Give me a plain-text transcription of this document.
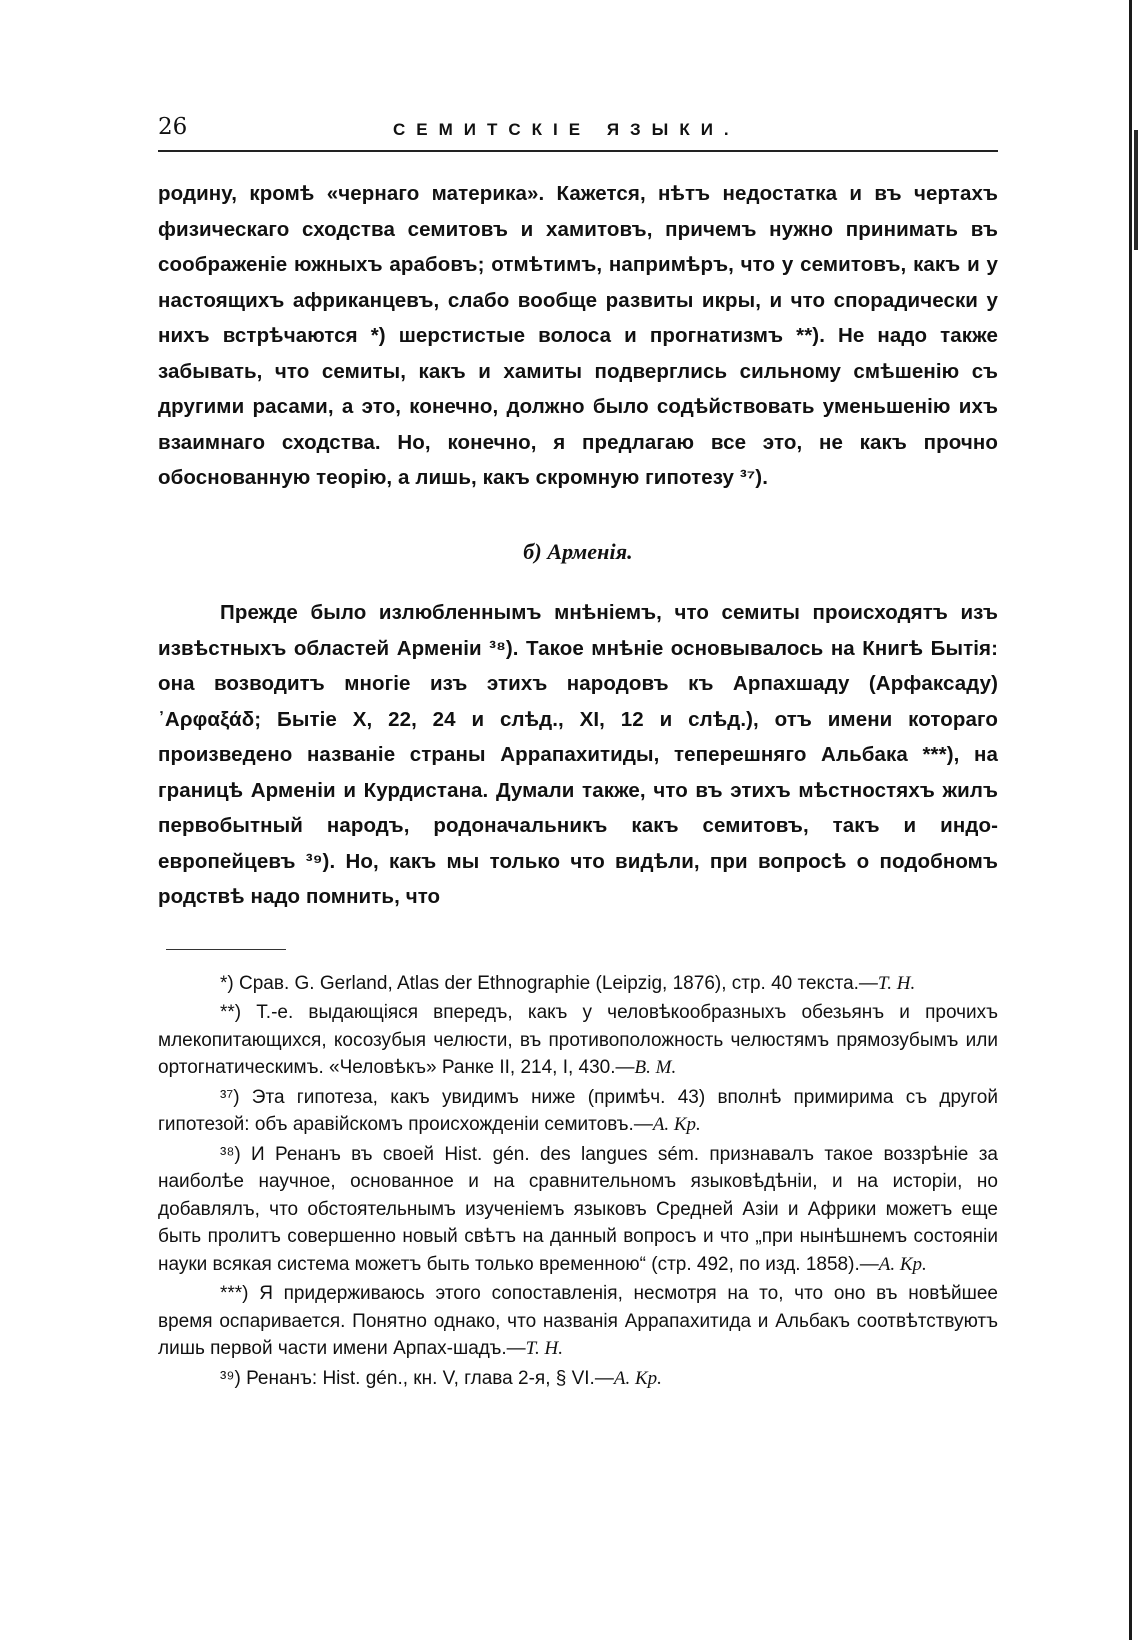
26	СЕМИТСКІЕ ЯЗЫКИ.

родину, кромѣ «чернаго материка». Кажется, нѣтъ недостатка и въ чертахъ физическаго сходства семитовъ и хамитовъ, причемъ нужно принимать въ соображеніе южныхъ арабовъ; отмѣтимъ, напримѣръ, что у семитовъ, какъ и у настоящихъ африканцевъ, слабо вообще развиты икры, и что спорадически у нихъ встрѣчаются *) шерстистые волоса и прогнатизмъ **). Не надо также забывать, что семиты, какъ и хамиты подверглись сильному смѣшенію съ другими расами, а это, конечно, должно было содѣйствовать уменьшенію ихъ взаимнаго сходства. Но, конечно, я предлагаю все это, не какъ прочно обоснованную теорію, а лишь, какъ скромную гипотезу ³⁷).

б) Арменія.

Прежде было излюбленнымъ мнѣніемъ, что семиты происходятъ изъ извѣстныхъ областей Арменіи ³⁸). Такое мнѣніе основывалось на Книгѣ Бытія: она возводитъ многіе изъ этихъ народовъ къ Арпахшаду (Арфаксаду) ᾿Αρφαξάδ; Бытіе X, 22, 24 и слѣд., XI, 12 и слѣд.), отъ имени котораго произведено названіе страны Аррапахитиды, теперешняго Альбака ***), на границѣ Арменіи и Курдистана. Думали также, что въ этихъ мѣстностяхъ жилъ первобытный народъ, родоначальникъ какъ семитовъ, такъ и индо-европейцевъ ³⁹). Но, какъ мы только что видѣли, при вопросѣ о подобномъ родствѣ надо помнить, что

*) Срав. G. Gerland, Atlas der Ethnographie (Leipzig, 1876), стр. 40 текста.—Т. Н.

**) Т.-е. выдающіяся впередъ, какъ у человѣкообразныхъ обезьянъ и прочихъ млекопитающихся, косозубыя челюсти, въ противоположность челюстямъ прямозубымъ или ортогнатическимъ. «Человѣкъ» Ранке II, 214, I, 430.—В. М.

³⁷) Эта гипотеза, какъ увидимъ ниже (примѣч. 43) вполнѣ примирима съ другой гипотезой: объ аравійскомъ происхожденіи семитовъ.—А. Кр.

³⁸) И Ренанъ въ своей Hist. gén. des langues sém. признавалъ такое воззрѣніе за наиболѣе научное, основанное и на сравнительномъ языковѣдѣніи, и на исторіи, но добавлялъ, что обстоятельнымъ изученіемъ языковъ Средней Азіи и Африки можетъ еще быть пролитъ совершенно новый свѣтъ на данный вопросъ и что „при нынѣшнемъ состояніи науки всякая система можетъ быть только временною“ (стр. 492, по изд. 1858).—А. Кр.

***) Я придерживаюсь этого сопоставленія, несмотря на то, что оно въ новѣйшее время оспаривается. Понятно однако, что названія Аррапахитида и Альбакъ соотвѣтствуютъ лишь первой части имени Арпах-шадъ.—Т. Н.

³⁹) Ренанъ: Hist. gén., кн. V, глава 2-я, § VI.—А. Кр.
